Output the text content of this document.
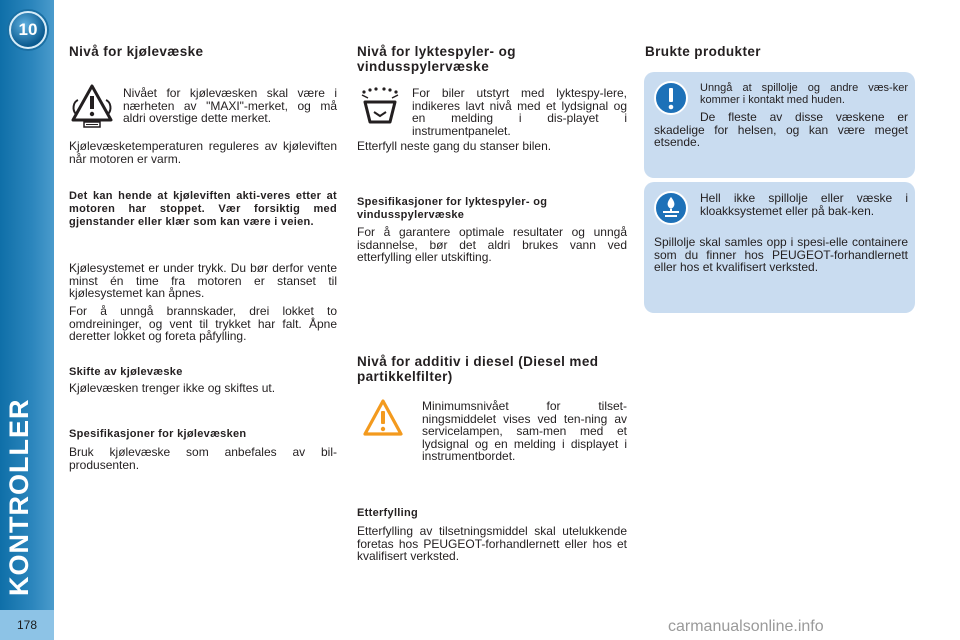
10
KONTROLLER
178
Nivå for kjølevæske
Nivået for kjølevæsken skal være i nærheten av "MAXI"-merket, og må aldri overstige dette merket.
Kjølevæsketemperaturen reguleres av kjøleviften når motoren er varm.
Det kan hende at kjøleviften akti-veres etter at motoren har stoppet. Vær forsiktig med gjenstander eller klær som kan være i veien.
Kjølesystemet er under trykk. Du bør derfor vente minst én time fra motoren er stanset til kjølesystemet kan åpnes.
For å unngå brannskader, drei lokket to omdreininger, og vent til trykket har falt. Åpne deretter lokket og foreta påfylling.
Skifte av kjølevæske
Kjølevæsken trenger ikke og skiftes ut.
Spesifikasjoner for kjølevæsken
Bruk kjølevæske som anbefales av bil-produsenten.
Nivå for lyktespyler- og vindusspylervæske
For biler utstyrt med lyktespy-lere, indikeres lavt nivå med et lydsignal og en melding i dis-playet i instrumentpanelet.
Etterfyll neste gang du stanser bilen.
Spesifikasjoner for lyktespyler- og vindusspylervæske
For å garantere optimale resultater og unngå isdannelse, bør det aldri brukes vann ved etterfylling eller utskifting.
Nivå for additiv i diesel (Diesel med partikkelfilter)
Minimumsnivået for tilset-ningsmiddelet vises ved ten-ning av servicelampen, sam-men med et lydsignal og en melding i displayet i instrumentbordet.
Etterfylling
Etterfylling av tilsetningsmiddel skal utelukkende foretas hos PEUGEOT-forhandlernett eller hos et kvalifisert verksted.
Brukte produkter
Unngå at spillolje og andre væs-ker kommer i kontakt med huden.
De fleste av disse væskene er skadelige for helsen, og kan være meget etsende.
Hell ikke spillolje eller væske i kloakksystemet eller på bak-ken.
Spillolje skal samles opp i spesi-elle containere som du finner hos PEUGEOT-forhandlernett eller hos et kvalifisert verksted.
carmanualsonline.info
